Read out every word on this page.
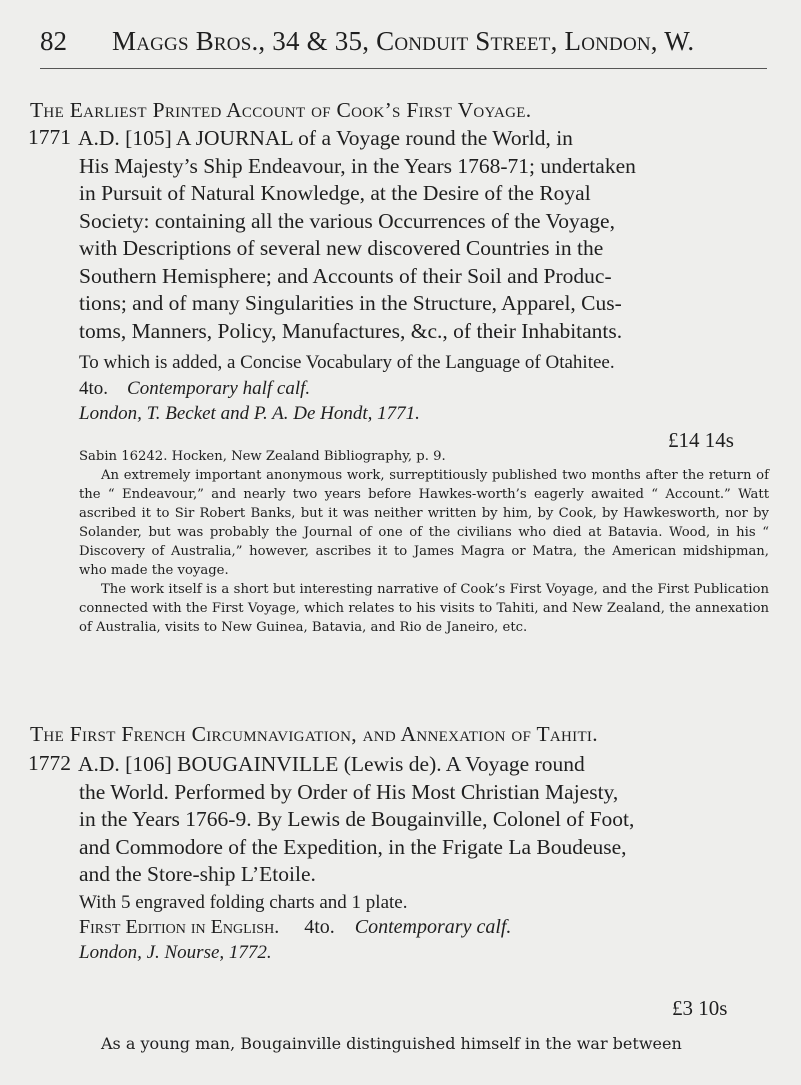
82 Maggs Bros., 34 & 35, Conduit Street, London, W.
The Earliest Printed Account of Cook’s First Voyage.
1771 A.D. [105] A JOURNAL of a Voyage round the World, in

His Majesty’s Ship Endeavour, in the Years 1768-71; undertaken

in Pursuit of Natural Knowledge, at the Desire of the Royal

Society: containing all the various Occurrences of the Voyage,

with Descriptions of several new discovered Countries in the

Southern Hemisphere; and Accounts of their Soil and Produc-

tions; and of many Singularities in the Structure, Apparel, Cus-

toms, Manners, Policy, Manufactures, &c., of their Inhabitants.

To which is added, a Concise Vocabulary of the Language of Otahitee.
4to. Contemporary half calf.
London, T. Becket and P. A. De Hondt, 1771.
£14 14s

Sabin 16242. Hocken, New Zealand Bibliography, p. 9.

An extremely important anonymous work, surreptitiously published two months after the return of the “ Endeavour,” and nearly two years before Hawkes-worth’s eagerly awaited “ Account.” Watt ascribed it to Sir Robert Banks, but it was neither written by him, by Cook, by Hawkesworth, nor by Solander, but was probably the Journal of one of the civilians who died at Batavia. Wood, in his “ Discovery of Australia,” however, ascribes it to James Magra or Matra, the American midshipman, who made the voyage.

The work itself is a short but interesting narrative of Cook’s First Voyage, and the First Publication connected with the First Voyage, which relates to his visits to Tahiti, and New Zealand, the annexation of Australia, visits to New Guinea, Batavia, and Rio de Janeiro, etc.

The First French Circumnavigation, and Annexation of Tahiti.
1772 A.D. [106] BOUGAINVILLE (Lewis de). A Voyage round

the World. Performed by Order of His Most Christian Majesty,

in the Years 1766-9. By Lewis de Bougainville, Colonel of Foot,

and Commodore of the Expedition, in the Frigate La Boudeuse,

and the Store-ship L’Etoile.

With 5 engraved folding charts and 1 plate.
First Edition in English. 4to. Contemporary calf.
London, J. Nourse, 1772.
£3 10s

As a young man, Bougainville distinguished himself in the war between
